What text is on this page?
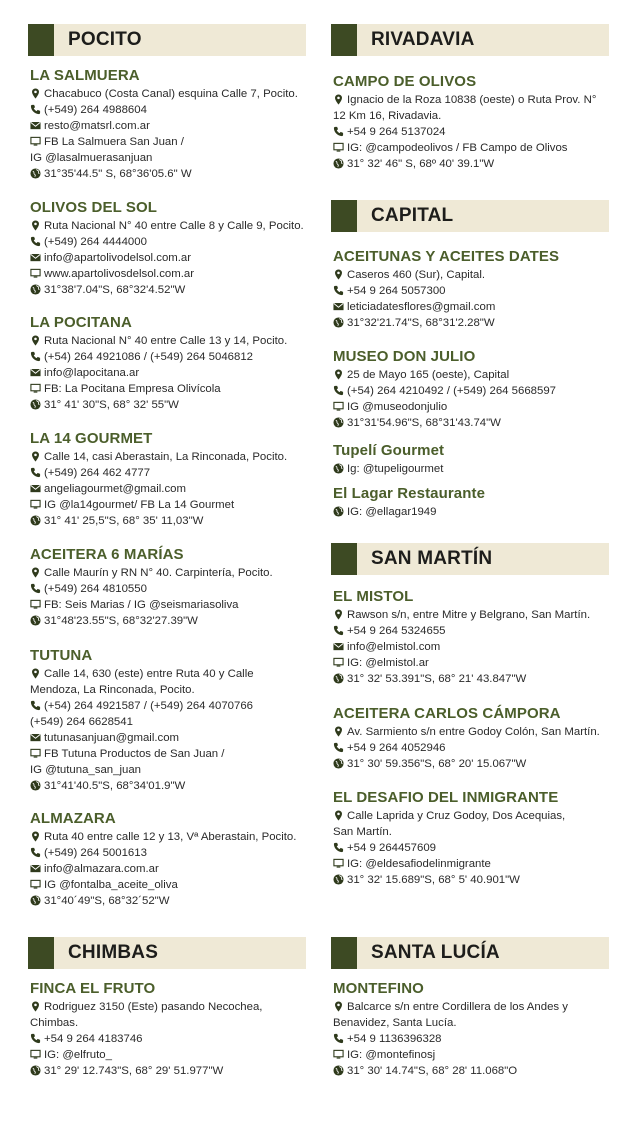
POCITO
LA SALMUERA
Chacabuco (Costa Canal) esquina Calle 7, Pocito.
(+549) 264 4988604
resto@matsrl.com.ar
FB La Salmuera San Juan /
IG @lasalmuerasanjuan
31°35'44.5" S, 68°36'05.6" W
OLIVOS DEL SOL
Ruta Nacional N° 40 entre Calle 8 y Calle 9, Pocito.
(+549) 264 4444000
info@apartolivodelsol.com.ar
www.apartolivosdelsol.com.ar
31°38'7.04"S, 68°32'4.52"W
LA POCITANA
Ruta Nacional N° 40 entre Calle 13 y 14, Pocito.
(+54) 264 4921086 / (+549) 264 5046812
info@lapocitana.ar
FB: La Pocitana Empresa Olivícola
31° 41' 30"S, 68° 32' 55"W
LA 14 GOURMET
Calle 14, casi Aberastain, La Rinconada, Pocito.
(+549) 264 462 4777
angeliagourmet@gmail.com
IG @la14gourmet/ FB La 14 Gourmet
31° 41' 25,5"S, 68° 35' 11,03"W
ACEITERA 6 MARÍAS
Calle Maurín y RN N° 40. Carpintería, Pocito.
(+549) 264 4810550
FB: Seis Marias / IG @seismariasoliva
31°48'23.55"S, 68°32'27.39"W
TUTUNA
Calle 14, 630 (este) entre Ruta 40 y Calle
Mendoza, La Rinconada, Pocito.
(+54) 264 4921587 / (+549) 264 4070766
(+549) 264 6628541
tutunasanjuan@gmail.com
FB Tutuna Productos de San Juan /
IG @tutuna_san_juan
31°41'40.5"S, 68°34'01.9"W
ALMAZARA
Ruta 40 entre calle 12 y 13, Vª Aberastain, Pocito.
(+549) 264 5001613
info@almazara.com.ar
IG @fontalba_aceite_oliva
31°40´49"S, 68°32´52"W
CHIMBAS
FINCA EL FRUTO
Rodriguez 3150 (Este) pasando Necochea,
Chimbas.
+54 9 264 4183746
IG: @elfruto_
31° 29' 12.743"S, 68° 29' 51.977"W
RIVADAVIA
CAMPO DE OLIVOS
Ignacio de la Roza 10838 (oeste) o Ruta Prov. N°
12 Km 16, Rivadavia.
+54 9 264 5137024
IG: @campodeolivos / FB Campo de Olivos
31° 32' 46" S, 68º 40' 39.1"W
CAPITAL
ACEITUNAS Y ACEITES DATES
Caseros 460 (Sur), Capital.
+54 9 264 5057300
leticiadatesflores@gmail.com
31°32'21.74"S, 68°31'2.28"W
MUSEO DON JULIO
25 de Mayo 165 (oeste), Capital
(+54) 264 4210492 / (+549) 264 5668597
IG @museodonjulio
31°31'54.96"S, 68°31'43.74"W
Tupelí Gourmet
Ig: @tupeligourmet
El Lagar Restaurante
IG: @ellagar1949
SAN MARTÍN
EL MISTOL
Rawson s/n, entre Mitre y Belgrano, San Martín.
+54 9 264 5324655
info@elmistol.com
IG: @elmistol.ar
31° 32' 53.391"S, 68° 21' 43.847"W
ACEITERA CARLOS CÁMPORA
Av. Sarmiento s/n entre Godoy Colón, San Martín.
+54 9 264 4052946
31° 30' 59.356"S, 68° 20' 15.067"W
EL DESAFIO DEL INMIGRANTE
Calle Laprida y Cruz Godoy, Dos Acequias,
San Martín.
+54 9 264457609
IG: @eldesafiodelinmigrante
31° 32' 15.689"S, 68° 5' 40.901"W
SANTA LUCÍA
MONTEFINO
Balcarce s/n entre Cordillera de los Andes y
Benavidez, Santa Lucía.
+54 9 1136396328
IG: @montefinosj
31° 30' 14.74"S, 68° 28' 11.068"O
